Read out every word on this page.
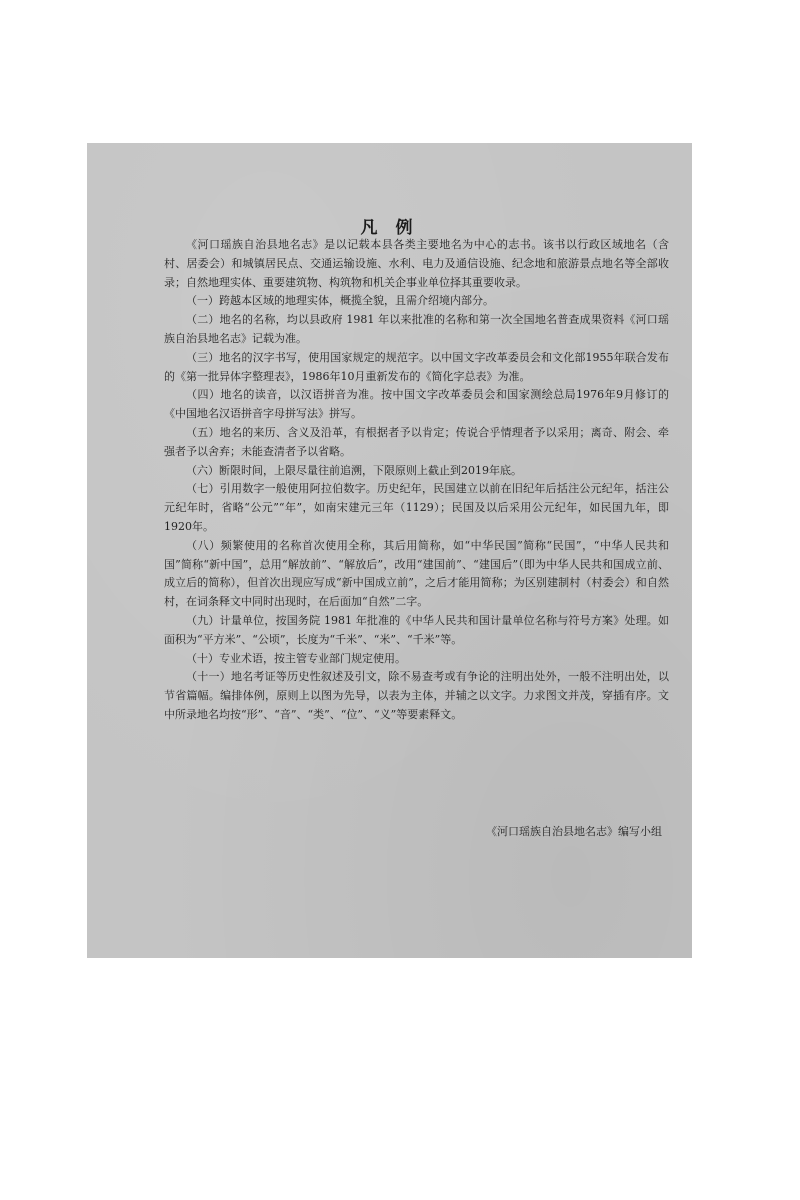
凡 例

《河口瑶族自治县地名志》是以记载本县各类主要地名为中心的志书。该书以行政区域地名（含村、居委会）和城镇居民点、交通运输设施、水利、电力及通信设施、纪念地和旅游景点地名等全部收录；自然地理实体、重要建筑物、构筑物和机关企事业单位择其重要收录。

（一）跨越本区域的地理实体，概揽全貌，且需介绍境内部分。

（二）地名的名称，均以县政府 1981 年以来批准的名称和第一次全国地名普查成果资料《河口瑶族自治县地名志》记载为准。

（三）地名的汉字书写，使用国家规定的规范字。以中国文字改革委员会和文化部1955年联合发布的《第一批异体字整理表》，1986年10月重新发布的《简化字总表》为准。

（四）地名的读音，以汉语拼音为准。按中国文字改革委员会和国家测绘总局1976年9月修订的《中国地名汉语拼音字母拼写法》拼写。

（五）地名的来历、含义及沿革，有根据者予以肯定；传说合乎情理者予以采用；离奇、附会、牵强者予以舍弃；未能查清者予以省略。

（六）断限时间，上限尽量往前追溯，下限原则上截止到2019年底。

（七）引用数字一般使用阿拉伯数字。历史纪年，民国建立以前在旧纪年后括注公元纪年，括注公元纪年时，省略“公元”“年”，如南宋建元三年（1129）；民国及以后采用公元纪年，如民国九年，即1920年。

（八）频繁使用的名称首次使用全称，其后用简称，如“中华民国”简称“民国”，“中华人民共和国”简称“新中国”，总用“解放前”、“解放后”，改用“建国前”、“建国后”（即为中华人民共和国成立前、成立后的简称），但首次出现应写成“新中国成立前”，之后才能用简称；为区别建制村（村委会）和自然村，在词条释文中同时出现时，在后面加“自然”二字。

（九）计量单位，按国务院 1981 年批准的《中华人民共和国计量单位名称与符号方案》处理。如面积为“平方米”、“公顷”，长度为“千米”、“米”、“千米”等。

（十）专业术语，按主管专业部门规定使用。

（十一）地名考证等历史性叙述及引文，除不易查考或有争论的注明出处外，一般不注明出处，以节省篇幅。编排体例，原则上以图为先导，以表为主体，并辅之以文字。力求图文并茂，穿插有序。文中所录地名均按“形”、“音”、“类”、“位”、“义”等要素释文。

《河口瑶族自治县地名志》编写小组
